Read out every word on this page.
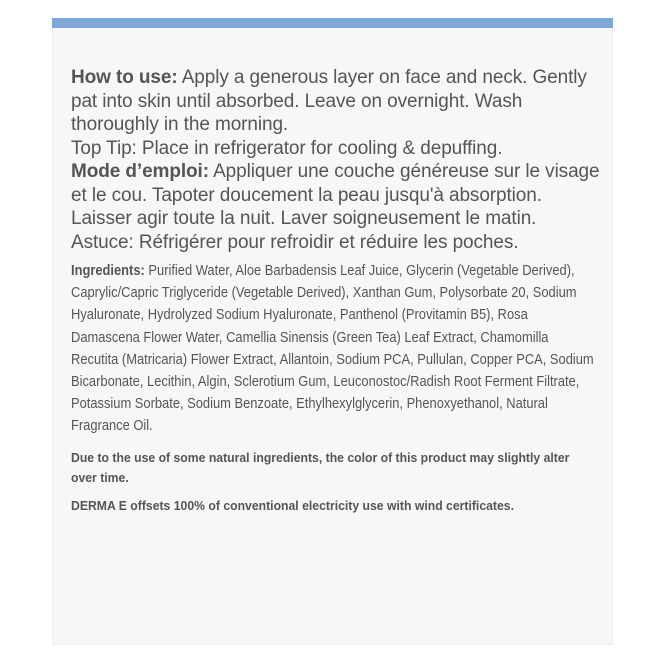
How to use: Apply a generous layer on face and neck. Gently pat into skin until absorbed. Leave on overnight. Wash thoroughly in the morning.
Top Tip: Place in refrigerator for cooling & depuffing.
Mode d’emploi: Appliquer une couche généreuse sur le visage et le cou. Tapoter doucement la peau jusqu'à absorption. Laisser agir toute la nuit. Laver soigneusement le matin.
Astuce: Réfrigérer pour refroidir et réduire les poches.
Ingredients: Purified Water, Aloe Barbadensis Leaf Juice, Glycerin (Vegetable Derived), Caprylic/Capric Triglyceride (Vegetable Derived), Xanthan Gum, Polysorbate 20, Sodium Hyaluronate, Hydrolyzed Sodium Hyaluronate, Panthenol (Provitamin B5), Rosa Damascena Flower Water, Camellia Sinensis (Green Tea) Leaf Extract, Chamomilla Recutita (Matricaria) Flower Extract, Allantoin, Sodium PCA, Pullulan, Copper PCA, Sodium Bicarbonate, Lecithin, Algin, Sclerotium Gum, Leuconostoc/Radish Root Ferment Filtrate, Potassium Sorbate, Sodium Benzoate, Ethylhexylglycerin, Phenoxyethanol, Natural Fragrance Oil.
Due to the use of some natural ingredients, the color of this product may slightly alter over time.
DERMA E offsets 100% of conventional electricity use with wind certificates.
